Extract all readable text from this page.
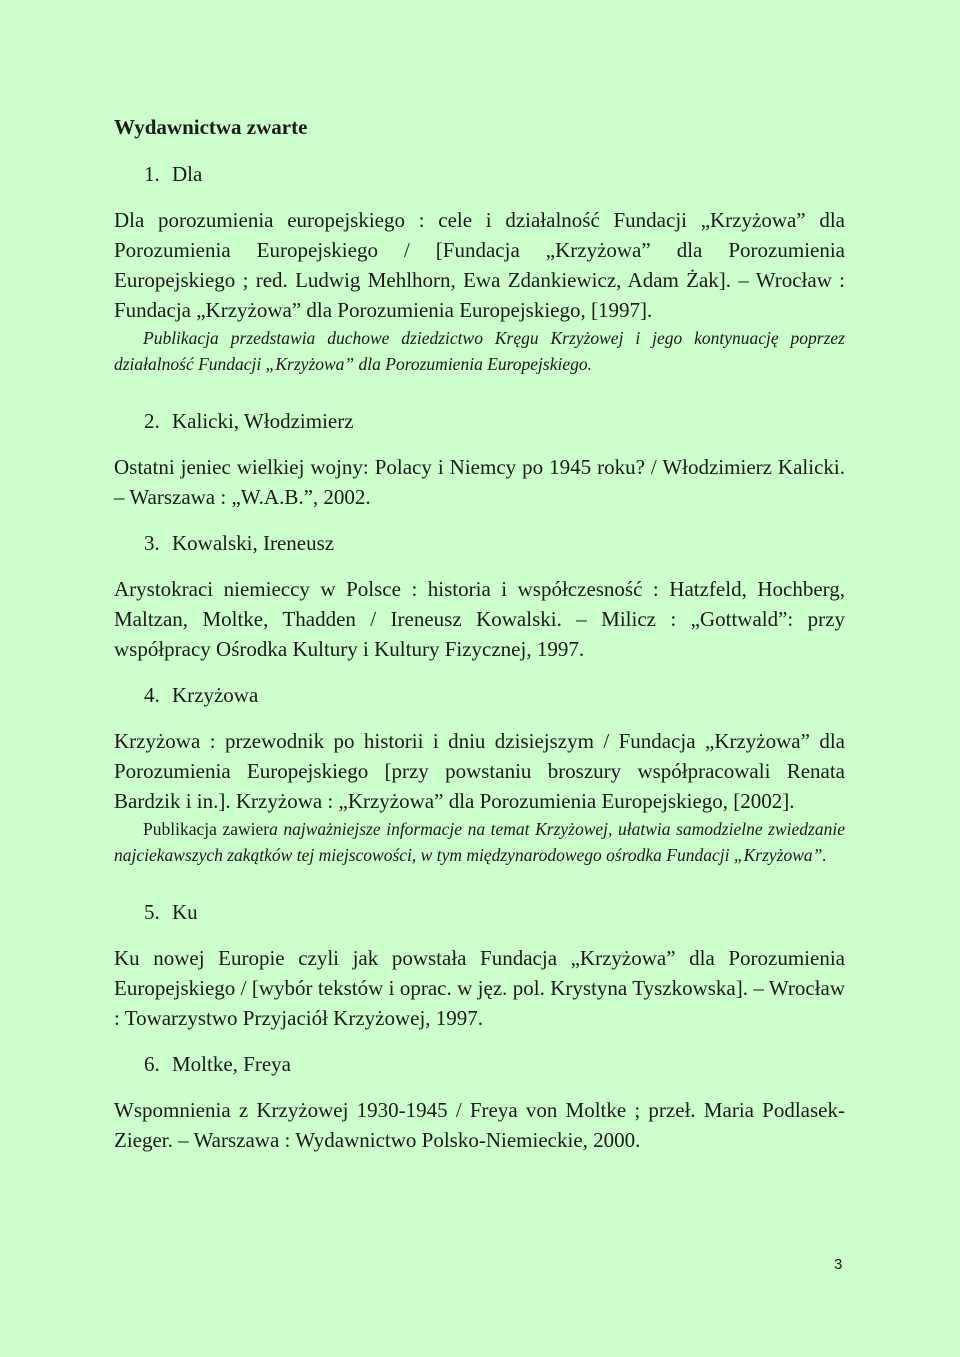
Wydawnictwa zwarte
1. Dla

Dla porozumienia europejskiego : cele i działalność Fundacji „Krzyżowa” dla Porozumienia Europejskiego / [Fundacja „Krzyżowa” dla Porozumienia Europejskiego ; red. Ludwig Mehlhorn, Ewa Zdankiewicz, Adam Żak]. – Wrocław : Fundacja „Krzyżowa” dla Porozumienia Europejskiego, [1997].

Publikacja przedstawia duchowe dziedzictwo Kręgu Krzyżowej i jego kontynuację poprzez działalność Fundacji „Krzyżowa” dla Porozumienia Europejskiego.

2. Kalicki, Włodzimierz

Ostatni jeniec wielkiej wojny: Polacy i Niemcy po 1945 roku? / Włodzimierz Kalicki. – Warszawa : „W.A.B.”, 2002.

3. Kowalski, Ireneusz

Arystokraci niemieccy w Polsce : historia i współczesność : Hatzfeld, Hochberg, Maltzan, Moltke, Thadden / Ireneusz Kowalski. – Milicz : „Gottwald”: przy współpracy Ośrodka Kultury i Kultury Fizycznej, 1997.

4. Krzyżowa

Krzyżowa : przewodnik po historii i dniu dzisiejszym / Fundacja „Krzyżowa” dla Porozumienia Europejskiego [przy powstaniu broszury współpracowali Renata Bardzik i in.]. Krzyżowa : „Krzyżowa” dla Porozumienia Europejskiego, [2002].

Publikacja zawiera najważniejsze informacje na temat Krzyżowej, ułatwia samodzielne zwiedzanie najciekawszych zakątków tej miejscowości, w tym międzynarodowego ośrodka Fundacji „Krzyżowa”.

5. Ku

Ku nowej Europie czyli jak powstała Fundacja „Krzyżowa” dla Porozumienia Europejskiego / [wybór tekstów i oprac. w jęz. pol. Krystyna Tyszkowska]. – Wrocław : Towarzystwo Przyjaciół Krzyżowej, 1997.

6. Moltke, Freya

Wspomnienia z Krzyżowej 1930-1945 / Freya von Moltke ; przeł. Maria Podlasek-Zieger. – Warszawa : Wydawnictwo Polsko-Niemieckie, 2000.

3
